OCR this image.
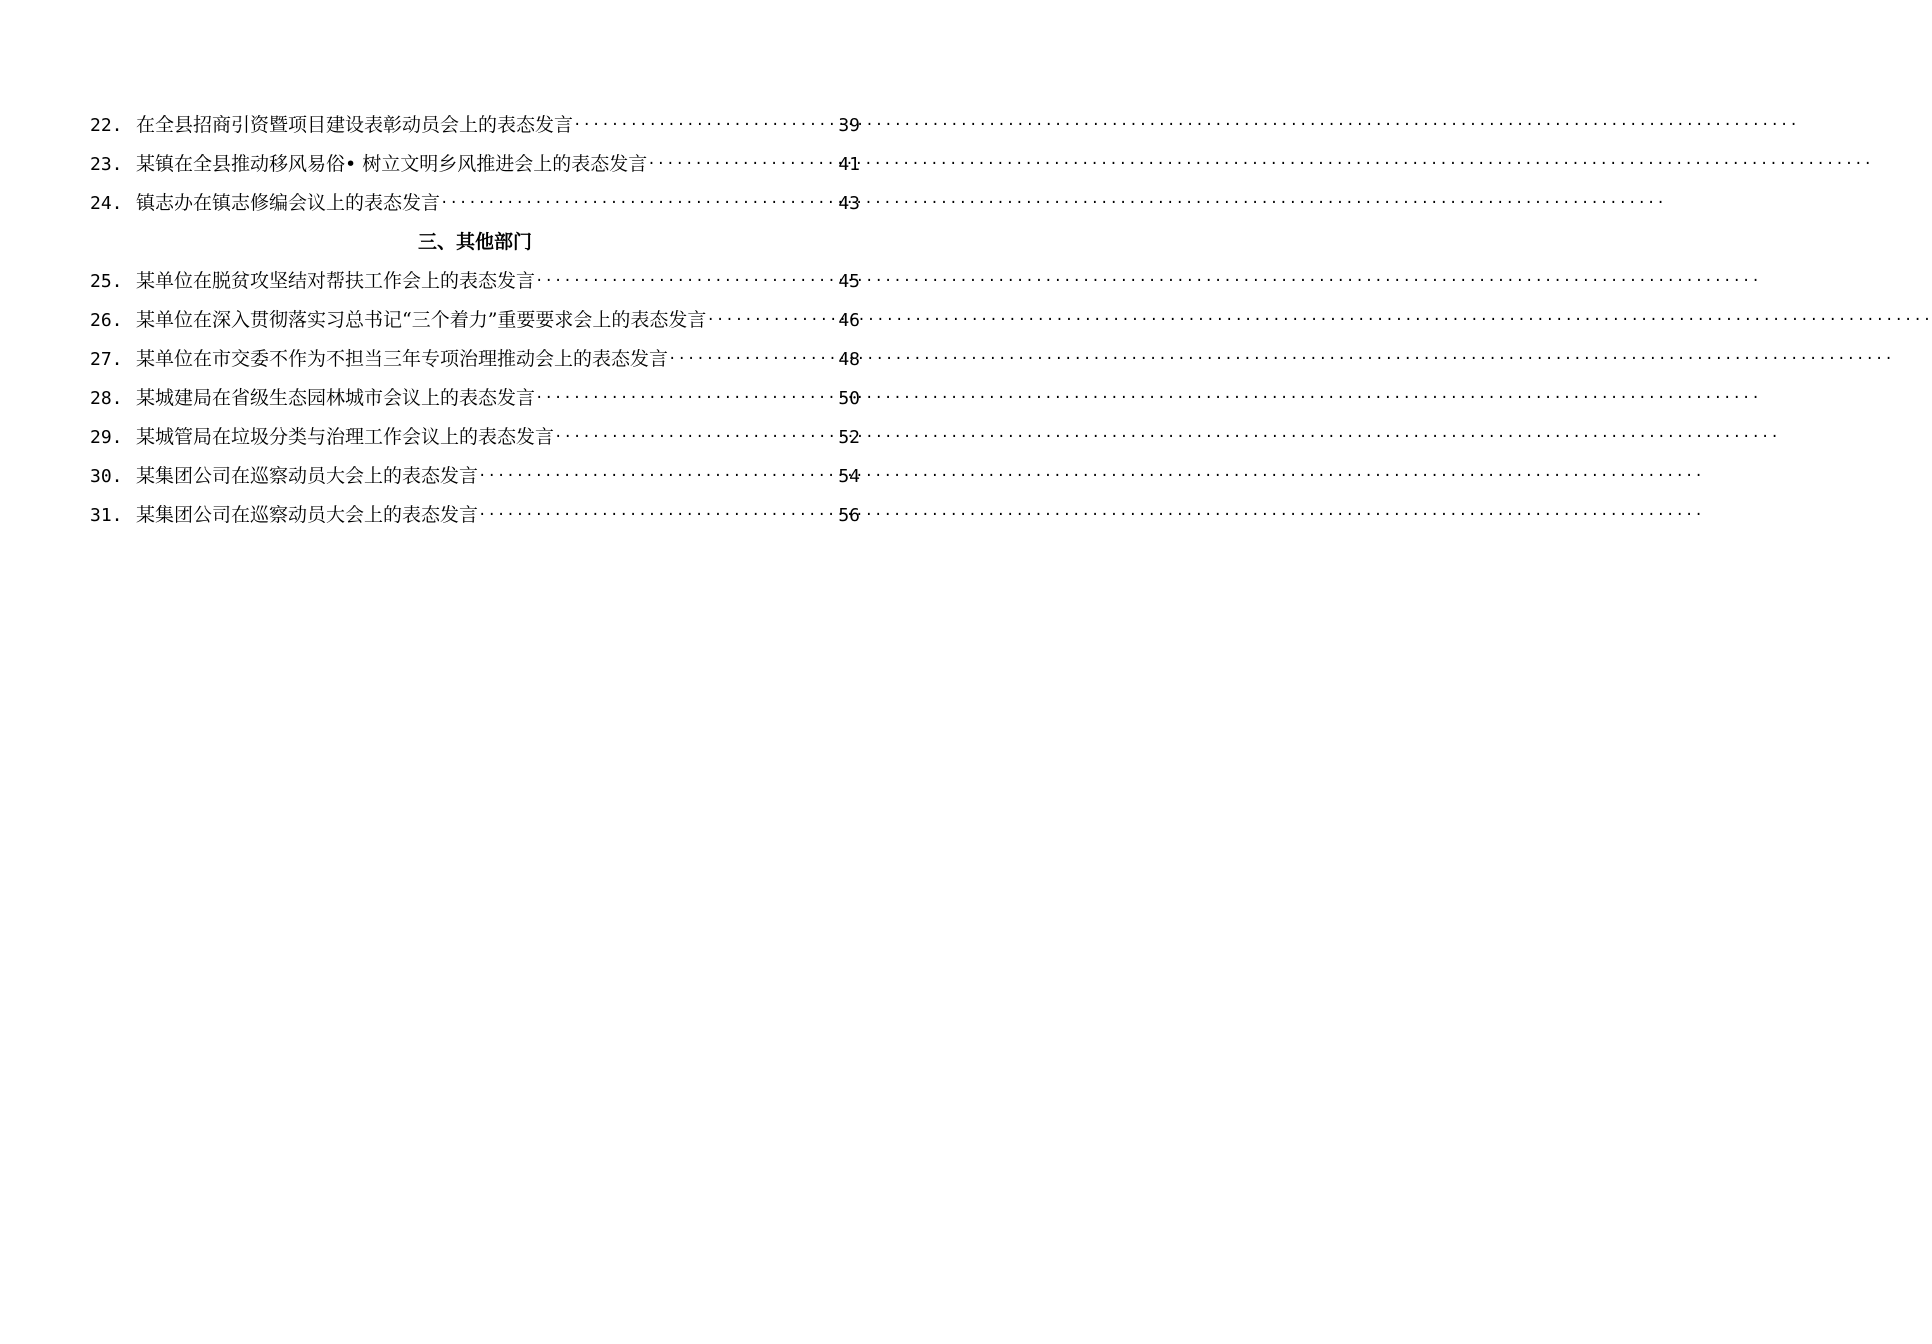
22. 在全县招商引资暨项目建设表彰动员会上的表态发言 ·····	39
23. 某镇在全县推动移风易俗• 树立文明乡风推进会上的表态发言 ·····	41
24. 镇志办在镇志修编会议上的表态发言 ·····	43
三、其他部门
25. 某单位在脱贫攻坚结对帮扶工作会上的表态发言 ·····	45
26. 某单位在深入贯彻落实习总书记“三个着力”重要要求会上的表态发言 ·····	46
27. 某单位在市交委不作为不担当三年专项治理推动会上的表态发言 ·····	48
28. 某城建局在省级生态园林城市会议上的表态发言 ·····	50
29. 某城管局在垃圾分类与治理工作会议上的表态发言 ·····	52
30. 某集团公司在巡察动员大会上的表态发言 ·····	54
31. 某集团公司在巡察动员大会上的表态发言 ·····	56
